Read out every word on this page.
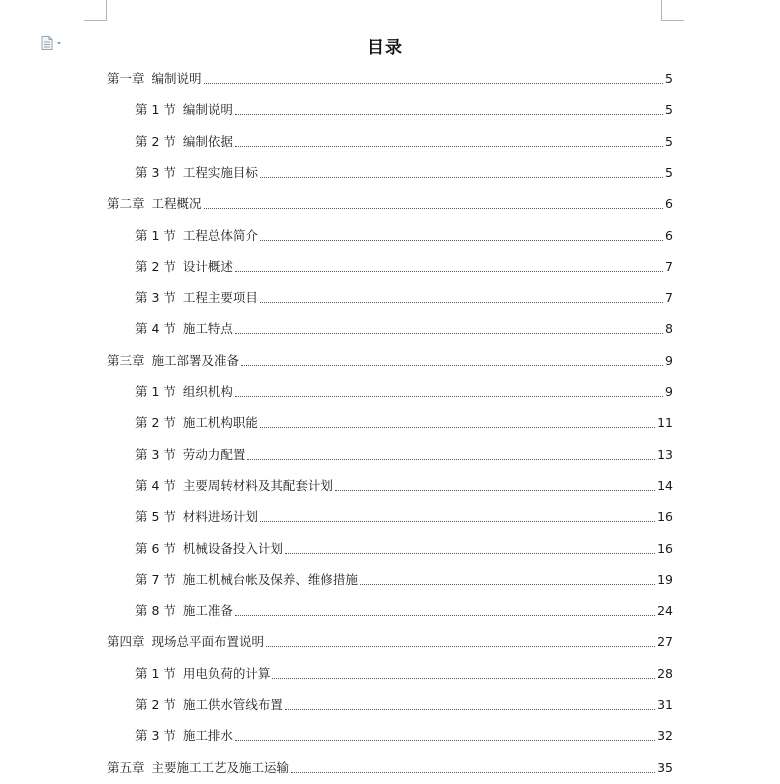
目录
第一章 编制说明	5
第 1 节 编制说明	5
第 2 节 编制依据	5
第 3 节 工程实施目标	5
第二章 工程概况	6
第 1 节 工程总体简介	6
第 2 节 设计概述	7
第 3 节 工程主要项目	7
第 4 节 施工特点	8
第三章 施工部署及准备	9
第 1 节 组织机构	9
第 2 节 施工机构职能	11
第 3 节 劳动力配置	13
第 4 节 主要周转材料及其配套计划	14
第 5 节 材料进场计划	16
第 6 节 机械设备投入计划	16
第 7 节 施工机械台帐及保养、维修措施	19
第 8 节 施工准备	24
第四章 现场总平面布置说明	27
第 1 节 用电负荷的计算	28
第 2 节 施工供水管线布置	31
第 3 节 施工排水	32
第五章 主要施工工艺及施工运输	35
